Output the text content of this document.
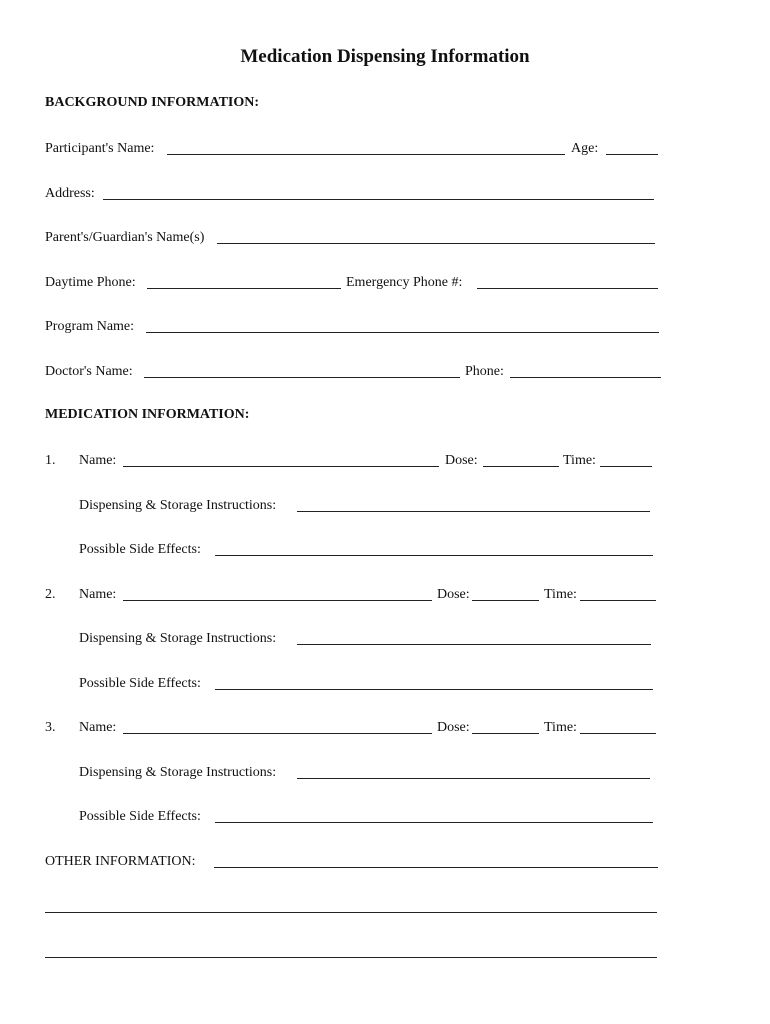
Medication Dispensing Information
BACKGROUND INFORMATION:
Participant's Name:	Age:
Address:
Parent's/Guardian's Name(s)
Daytime Phone:	Emergency Phone #:
Program Name:
Doctor's Name:	Phone:
MEDICATION INFORMATION:
1. Name:	Dose:	Time:
Dispensing & Storage Instructions:
Possible Side Effects:
2. Name:	Dose:	Time:
Dispensing & Storage Instructions:
Possible Side Effects:
3. Name:	Dose:	Time:
Dispensing & Storage Instructions:
Possible Side Effects:
OTHER INFORMATION:
